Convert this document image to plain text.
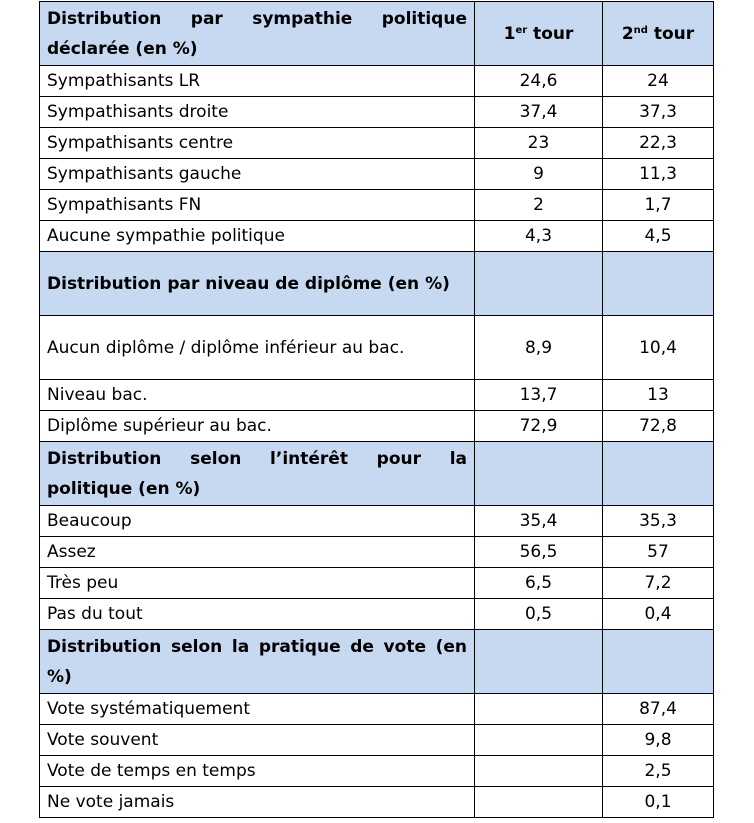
Distribution par sympathie politique déclarée (en %)	1er tour	2nd tour
Sympathisants LR	24,6	24
Sympathisants droite	37,4	37,3
Sympathisants centre	23	22,3
Sympathisants gauche	9	11,3
Sympathisants FN	2	1,7
Aucune sympathie politique	4,3	4,5
Distribution par niveau de diplôme (en %)		
Aucun diplôme / diplôme inférieur au bac.	8,9	10,4
Niveau bac.	13,7	13
Diplôme supérieur au bac.	72,9	72,8
Distribution selon l’intérêt pour la politique (en %)		
Beaucoup	35,4	35,3
Assez	56,5	57
Très peu	6,5	7,2
Pas du tout	0,5	0,4
Distribution selon la pratique de vote (en %)		
Vote systématiquement		87,4
Vote souvent		9,8
Vote de temps en temps		2,5
Ne vote jamais		0,1
